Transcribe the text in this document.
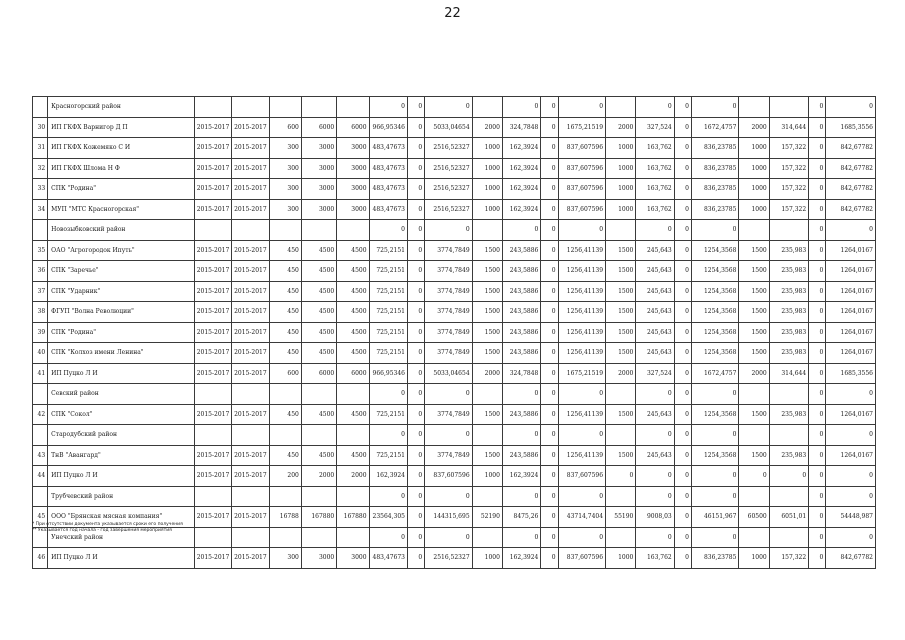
22
	Красногорский район						0	0	0		0	0	0		0	0	0			0	0
30	ИП ГКФХ Варнигор Д П	2015-2017	2015-2017	600	6000	6000	966,95346	0	5033,04654	2000	324,7848	0	1675,21519	2000	327,524	0	1672,4757	2000	314,644	0	1685,3556
31	ИП ГКФХ Кожемяко С И	2015-2017	2015-2017	300	3000	3000	483,47673	0	2516,52327	1000	162,3924	0	837,607596	1000	163,762	0	836,23785	1000	157,322	0	842,67782
32	ИП ГКФХ Шлома Н Ф	2015-2017	2015-2017	300	3000	3000	483,47673	0	2516,52327	1000	162,3924	0	837,607596	1000	163,762	0	836,23785	1000	157,322	0	842,67782
33	СПК "Родина"	2015-2017	2015-2017	300	3000	3000	483,47673	0	2516,52327	1000	162,3924	0	837,607596	1000	163,762	0	836,23785	1000	157,322	0	842,67782
34	МУП "МТС Красногорская"	2015-2017	2015-2017	300	3000	3000	483,47673	0	2516,52327	1000	162,3924	0	837,607596	1000	163,762	0	836,23785	1000	157,322	0	842,67782
	Новозыбковский район						0	0	0		0	0	0		0	0	0			0	0
35	ОАО "Агрогородок Ипуть"	2015-2017	2015-2017	450	4500	4500	725,2151	0	3774,7849	1500	243,5886	0	1256,41139	1500	245,643	0	1254,3568	1500	235,983	0	1264,0167
36	СПК "Заречье"	2015-2017	2015-2017	450	4500	4500	725,2151	0	3774,7849	1500	243,5886	0	1256,41139	1500	245,643	0	1254,3568	1500	235,983	0	1264,0167
37	СПК "Ударник"	2015-2017	2015-2017	450	4500	4500	725,2151	0	3774,7849	1500	243,5886	0	1256,41139	1500	245,643	0	1254,3568	1500	235,983	0	1264,0167
38	ФГУП "Волна Революции"	2015-2017	2015-2017	450	4500	4500	725,2151	0	3774,7849	1500	243,5886	0	1256,41139	1500	245,643	0	1254,3568	1500	235,983	0	1264,0167
39	СПК "Родина"	2015-2017	2015-2017	450	4500	4500	725,2151	0	3774,7849	1500	243,5886	0	1256,41139	1500	245,643	0	1254,3568	1500	235,983	0	1264,0167
40	СПК "Колхоз имени Ленина"	2015-2017	2015-2017	450	4500	4500	725,2151	0	3774,7849	1500	243,5886	0	1256,41139	1500	245,643	0	1254,3568	1500	235,983	0	1264,0167
41	ИП Пуцко Л И	2015-2017	2015-2017	600	6000	6000	966,95346	0	5033,04654	2000	324,7848	0	1675,21519	2000	327,524	0	1672,4757	2000	314,644	0	1685,3556
	Севский район						0	0	0		0	0	0		0	0	0			0	0
42	СПК "Сокол"	2015-2017	2015-2017	450	4500	4500	725,2151	0	3774,7849	1500	243,5886	0	1256,41139	1500	245,643	0	1254,3568	1500	235,983	0	1264,0167
	Стародубский район						0	0	0		0	0	0		0	0	0			0	0
43	ТнВ "Авангард"	2015-2017	2015-2017	450	4500	4500	725,2151	0	3774,7849	1500	243,5886	0	1256,41139	1500	245,643	0	1254,3568	1500	235,983	0	1264,0167
44	ИП Пуцко Л И	2015-2017	2015-2017	200	2000	2000	162,3924	0	837,607596	1000	162,3924	0	837,607596	0	0	0	0	0	0	0	0
	Трубчевский район						0	0	0		0	0	0		0	0	0			0	0
45	ООО "Брянская мясная компания"	2015-2017	2015-2017	16788	167880	167880	23564,305	0	144315,695	52190	8475,26	0	43714,7404	55190	9008,03	0	46151,967	60500	6051,01	0	54448,987
	Унечский район						0	0	0		0	0	0		0	0	0			0	0
46	ИП Пуцко Л И	2015-2017	2015-2017	300	3000	3000	483,47673	0	2516,52327	1000	162,3924	0	837,607596	1000	163,762	0	836,23785	1000	157,322	0	842,67782
* При отсутствии документа указывается сроки его получения
** Указывается год начала - год завершения мероприятия
